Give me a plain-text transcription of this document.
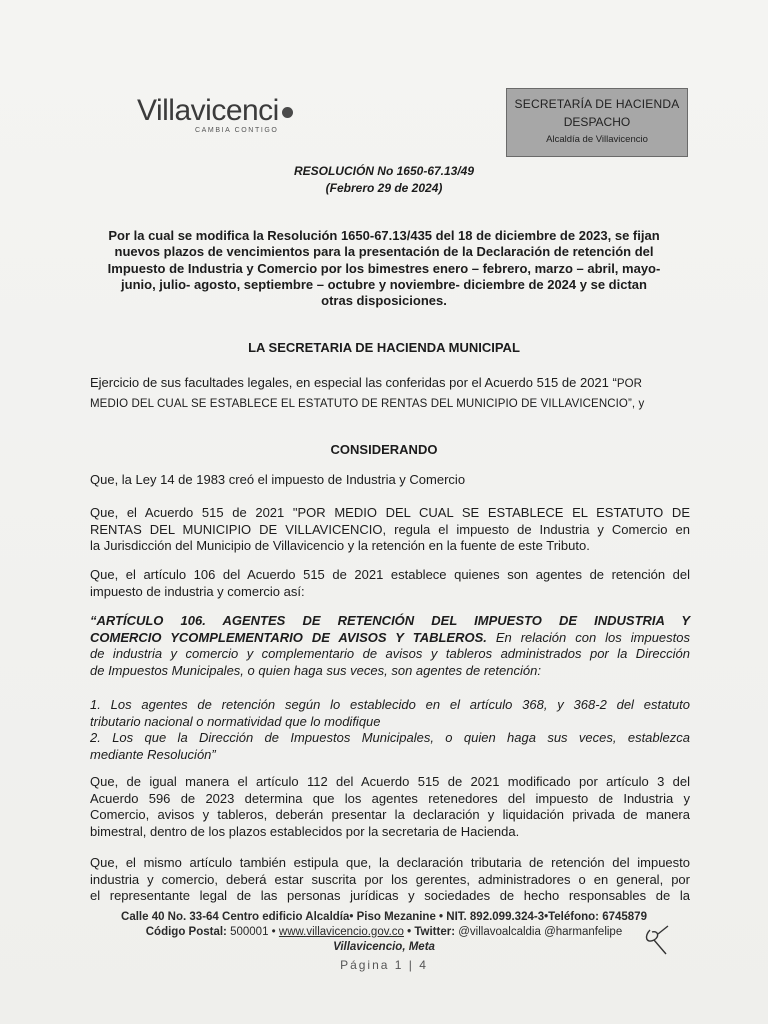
Villavicenci
CAMBIA CONTIGO
SECRETARÍA DE HACIENDA
DESPACHO
Alcaldía de Villavicencio
RESOLUCIÓN No 1650-67.13/49
(Febrero 29 de 2024)
Por la cual se modifica la Resolución 1650-67.13/435 del 18 de diciembre de 2023, se fijan
nuevos plazos de vencimientos para la presentación de la Declaración de retención del
Impuesto de Industria y Comercio por los bimestres enero – febrero, marzo – abril, mayo-
junio, julio- agosto, septiembre – octubre y noviembre- diciembre de 2024 y se dictan
otras disposiciones.
LA SECRETARIA DE HACIENDA MUNICIPAL
Ejercicio de sus facultades legales, en especial las conferidas por el Acuerdo 515 de 2021 “POR
MEDIO DEL CUAL SE ESTABLECE EL ESTATUTO DE RENTAS DEL MUNICIPIO DE VILLAVICENCIO”, y
CONSIDERANDO
Que, la Ley 14 de 1983 creó el impuesto de Industria y Comercio
Que, el Acuerdo 515 de 2021 "POR MEDIO DEL CUAL SE ESTABLECE EL ESTATUTO DE
RENTAS DEL MUNICIPIO DE VILLAVICENCIO, regula el impuesto de Industria y Comercio en
la Jurisdicción del Municipio de Villavicencio y la retención en la fuente de este Tributo.
Que, el artículo 106 del Acuerdo 515 de 2021 establece quienes son agentes de retención del
impuesto de industria y comercio así:
“ARTÍCULO 106. AGENTES DE RETENCIÓN DEL IMPUESTO DE INDUSTRIA Y
COMERCIO YCOMPLEMENTARIO DE AVISOS Y TABLEROS. En relación con los impuestos
de industria y comercio y complementario de avisos y tableros administrados por la Dirección
de Impuestos Municipales, o quien haga sus veces, son agentes de retención:
1. Los agentes de retención según lo establecido en el artículo 368, y 368-2 del estatuto
tributario nacional o normatividad que lo modifique
2. Los que la Dirección de Impuestos Municipales, o quien haga sus veces, establezca
mediante Resolución”
Que, de igual manera el artículo 112 del Acuerdo 515 de 2021 modificado por artículo 3 del
Acuerdo 596 de 2023 determina que los agentes retenedores del impuesto de Industria y
Comercio, avisos y tableros, deberán presentar la declaración y liquidación privada de manera
bimestral, dentro de los plazos establecidos por la secretaria de Hacienda.
Que, el mismo artículo también estipula que, la declaración tributaria de retención del impuesto
industria y comercio, deberá estar suscrita por los gerentes, administradores o en general, por
el representante legal de las personas jurídicas y sociedades de hecho responsables de la
Calle 40 No. 33-64 Centro edificio Alcaldía• Piso Mezanine • NIT. 892.099.324-3•Teléfono: 6745879
Código Postal: 500001 • www.villavicencio.gov.co • Twitter: @villavoalcaldia @harmanfelipe
Villavicencio, Meta
Página 1 | 4
